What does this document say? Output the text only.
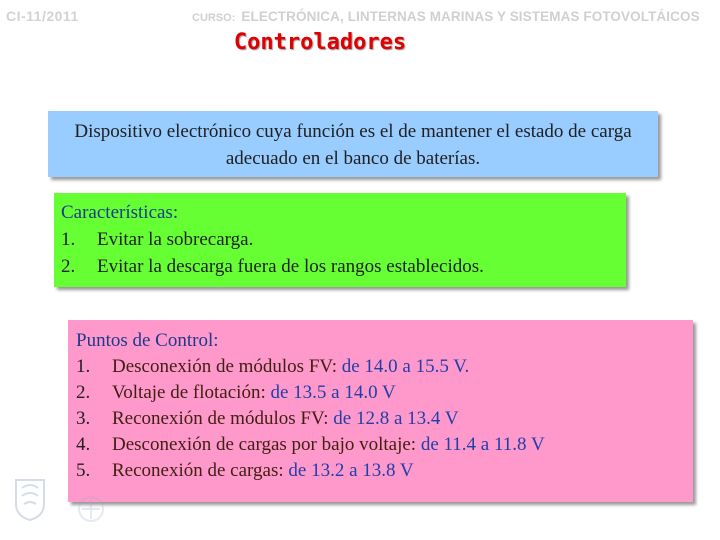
CI-11/2011	CURSO: ELECTRÓNICA, LINTERNAS MARINAS Y SISTEMAS FOTOVOLTÁICOS
Controladores
Dispositivo electrónico cuya función es el de mantener el estado de carga adecuado en el banco de baterías.
Características:
1.	Evitar la sobrecarga.
2.	Evitar la descarga fuera de los rangos establecidos.
Puntos de Control:
1.	Desconexión de módulos FV:
de 14.0 a 15.5 V.
2.	Voltaje de flotación:
de 13.5 a 14.0 V
3.	Reconexión de módulos FV:
de 12.8 a 13.4 V
4.	Desconexión de cargas por bajo voltaje:
de 11.4 a 11.8 V
5.	Reconexión de cargas:
de 13.2 a 13.8 V
